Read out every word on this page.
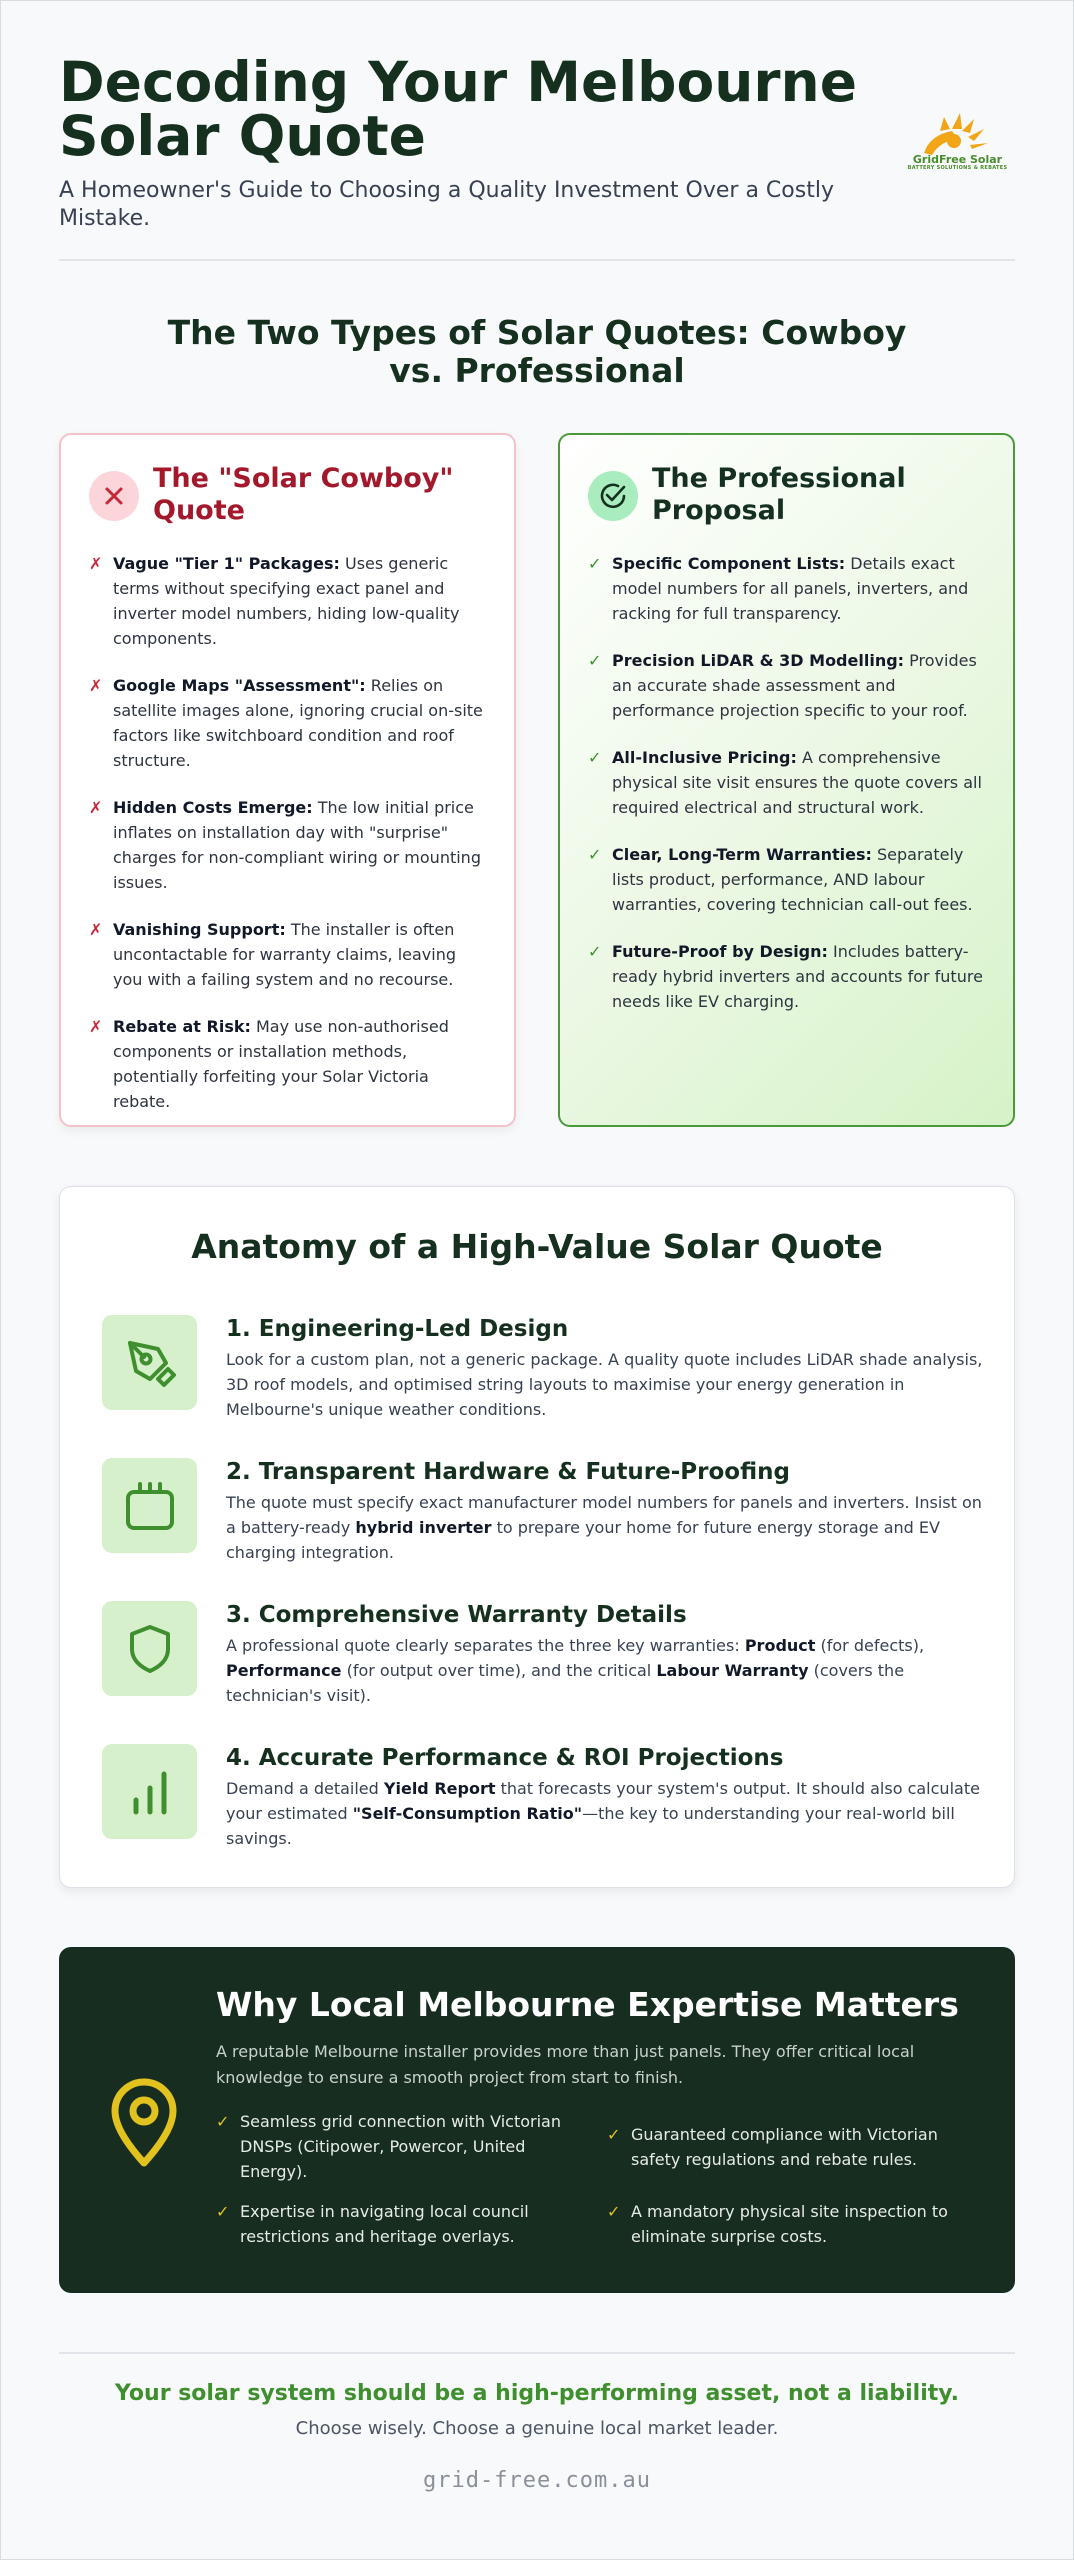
Decoding Your Melbourne Solar Quote

A Homeowner's Guide to Choosing a Quality Investment Over a Costly Mistake.

GridFree Solar
BATTERY SOLUTIONS & REBATES
The Two Types of Solar Quotes: Cowboy vs. Professional
The "Solar Cowboy" Quote
✗ Vague "Tier 1" Packages: Uses generic terms without specifying exact panel and inverter model numbers, hiding low-quality components.
✗ Google Maps "Assessment": Relies on satellite images alone, ignoring crucial on-site factors like switchboard condition and roof structure.
✗ Hidden Costs Emerge: The low initial price inflates on installation day with "surprise" charges for non-compliant wiring or mounting issues.
✗ Vanishing Support: The installer is often uncontactable for warranty claims, leaving you with a failing system and no recourse.
✗ Rebate at Risk: May use non-authorised components or installation methods, potentially forfeiting your Solar Victoria rebate.
The Professional Proposal
✓ Specific Component Lists: Details exact model numbers for all panels, inverters, and racking for full transparency.
✓ Precision LiDAR & 3D Modelling: Provides an accurate shade assessment and performance projection specific to your roof.
✓ All-Inclusive Pricing: A comprehensive physical site visit ensures the quote covers all required electrical and structural work.
✓ Clear, Long-Term Warranties: Separately lists product, performance, AND labour warranties, covering technician call-out fees.
✓ Future-Proof by Design: Includes battery-ready hybrid inverters and accounts for future needs like EV charging.
Anatomy of a High-Value Solar Quote
1. Engineering-Led Design
Look for a custom plan, not a generic package. A quality quote includes LiDAR shade analysis, 3D roof models, and optimised string layouts to maximise your energy generation in Melbourne's unique weather conditions.
2. Transparent Hardware & Future-Proofing
The quote must specify exact manufacturer model numbers for panels and inverters. Insist on a battery-ready hybrid inverter to prepare your home for future energy storage and EV charging integration.
3. Comprehensive Warranty Details
A professional quote clearly separates the three key warranties: Product (for defects), Performance (for output over time), and the critical Labour Warranty (covers the technician's visit).
4. Accurate Performance & ROI Projections
Demand a detailed Yield Report that forecasts your system's output. It should also calculate your estimated "Self-Consumption Ratio"—the key to understanding your real-world bill savings.
Why Local Melbourne Expertise Matters

A reputable Melbourne installer provides more than just panels. They offer critical local knowledge to ensure a smooth project from start to finish.

✓ Seamless grid connection with Victorian DNSPs (Citipower, Powercor, United Energy).
✓ Guaranteed compliance with Victorian safety regulations and rebate rules.
✓ Expertise in navigating local council restrictions and heritage overlays.
✓ A mandatory physical site inspection to eliminate surprise costs.
Your solar system should be a high-performing asset, not a liability.
Choose wisely. Choose a genuine local market leader.
grid-free.com.au
